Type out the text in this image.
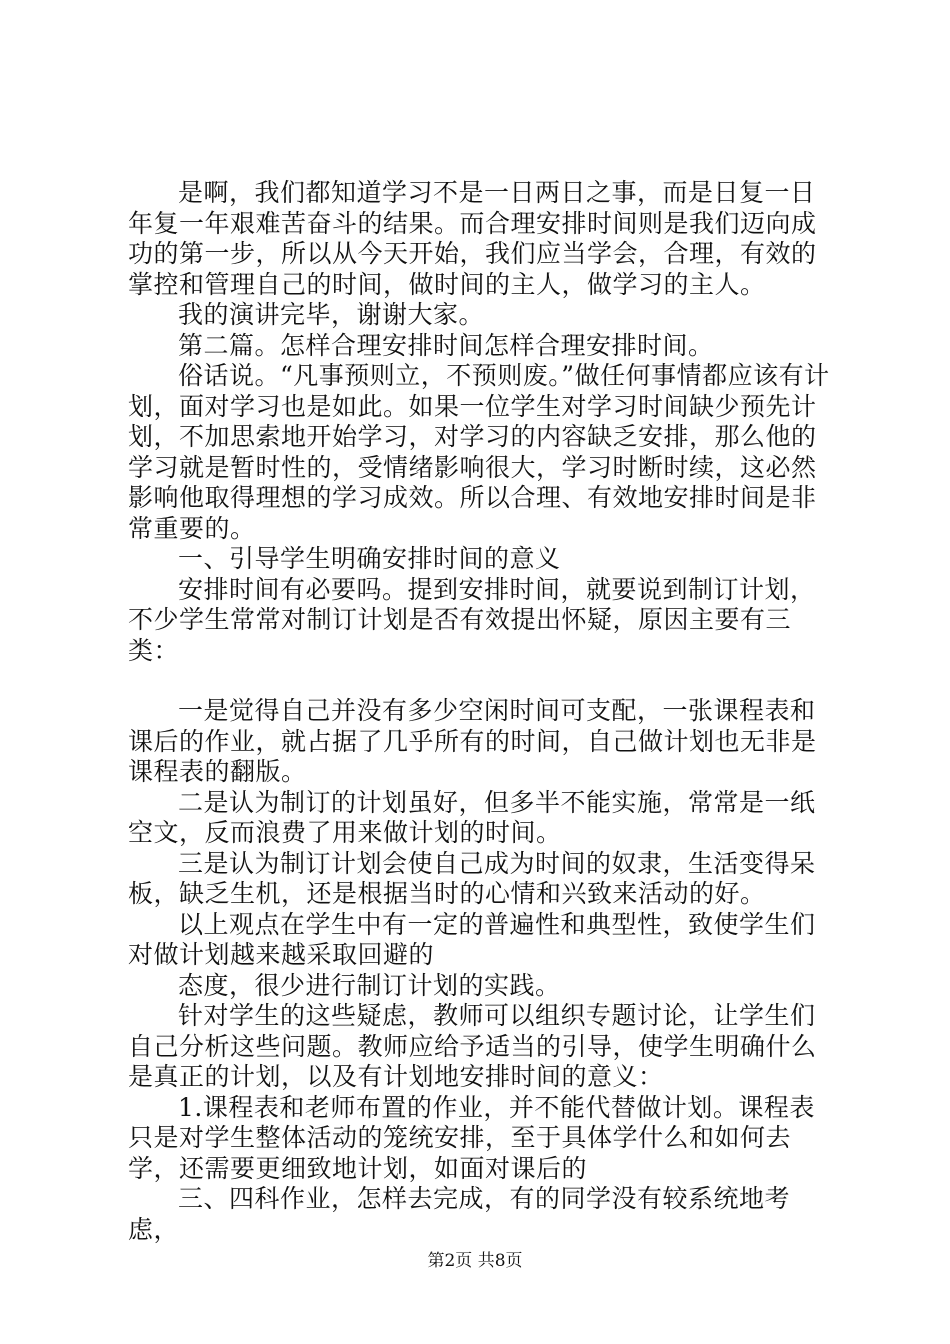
是啊，我们都知道学习不是一日两日之事，而是日复一日年复一年艰难苦奋斗的结果。而合理安排时间则是我们迈向成功的第一步，所以从今天开始，我们应当学会，合理，有效的掌控和管理自己的时间，做时间的主人，做学习的主人。

我的演讲完毕，谢谢大家。

第二篇。怎样合理安排时间怎样合理安排时间。

俗话说。“凡事预则立，不预则废。”做任何事情都应该有计划，面对学习也是如此。如果一位学生对学习时间缺少预先计划，不加思索地开始学习，对学习的内容缺乏安排，那么他的学习就是暂时性的，受情绪影响很大，学习时断时续，这必然影响他取得理想的学习成效。所以合理、有效地安排时间是非常重要的。

一、引导学生明确安排时间的意义

安排时间有必要吗。提到安排时间，就要说到制订计划，不少学生常常对制订计划是否有效提出怀疑，原因主要有三类：

一是觉得自己并没有多少空闲时间可支配，一张课程表和课后的作业，就占据了几乎所有的时间，自己做计划也无非是课程表的翻版。

二是认为制订的计划虽好，但多半不能实施，常常是一纸空文，反而浪费了用来做计划的时间。

三是认为制订计划会使自己成为时间的奴隶，生活变得呆板，缺乏生机，还是根据当时的心情和兴致来活动的好。

以上观点在学生中有一定的普遍性和典型性，致使学生们对做计划越来越采取回避的

态度，很少进行制订计划的实践。

针对学生的这些疑虑，教师可以组织专题讨论，让学生们自己分析这些问题。教师应给予适当的引导，使学生明确什么是真正的计划，以及有计划地安排时间的意义：

1.课程表和老师布置的作业，并不能代替做计划。课程表只是对学生整体活动的笼统安排，至于具体学什么和如何去学，还需要更细致地计划，如面对课后的

三、四科作业，怎样去完成，有的同学没有较系统地考虑，

第2页 共8页
